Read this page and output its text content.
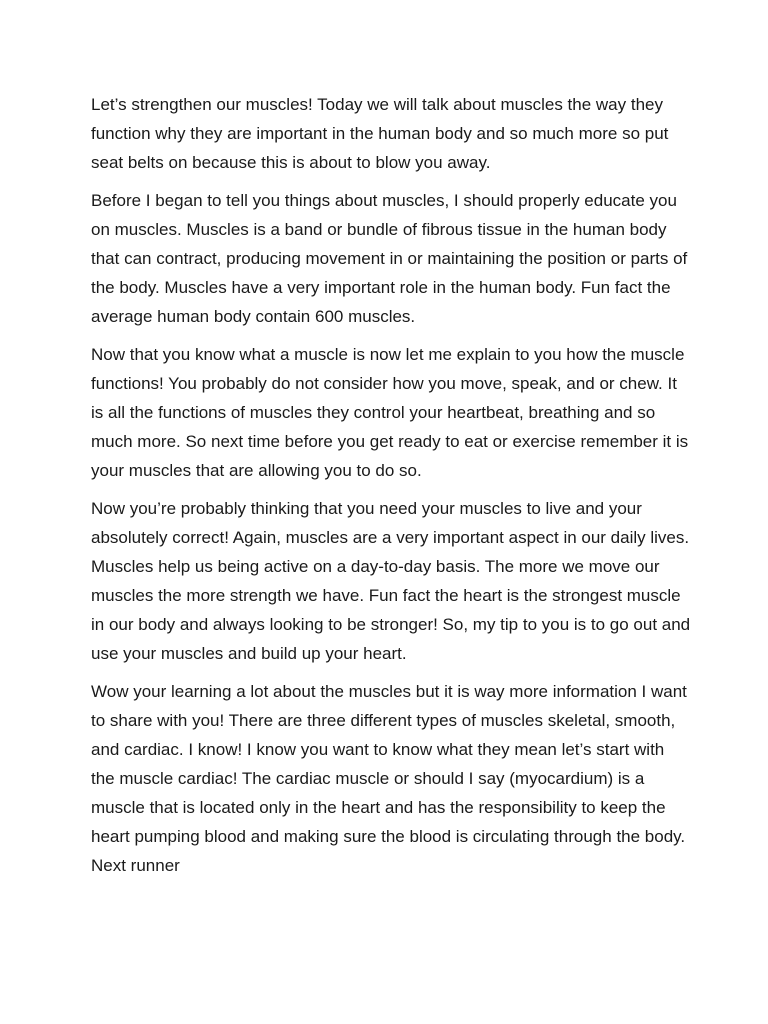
Let’s strengthen our muscles! Today we will talk about muscles the way they function why they are important in the human body and so much more so put seat belts on because this is about to blow you away.

Before I began to tell you things about muscles, I should properly educate you on muscles. Muscles is a band or bundle of fibrous tissue in the human body that can contract, producing movement in or maintaining the position or parts of the body. Muscles have a very important role in the human body. Fun fact the average human body contain 600 muscles.

Now that you know what a muscle is now let me explain to you how the muscle functions! You probably do not consider how you move, speak, and or chew. It is all the functions of muscles they control your heartbeat, breathing and so much more. So next time before you get ready to eat or exercise remember it is your muscles that are allowing you to do so.

Now you’re probably thinking that you need your muscles to live and your absolutely correct! Again, muscles are a very important aspect in our daily lives. Muscles help us being active on a day-to-day basis. The more we move our muscles the more strength we have. Fun fact the heart is the strongest muscle in our body and always looking to be stronger! So, my tip to you is to go out and use your muscles and build up your heart.

Wow your learning a lot about the muscles but it is way more information I want to share with you! There are three different types of muscles skeletal, smooth, and cardiac. I know! I know you want to know what they mean let’s start with the muscle cardiac! The cardiac muscle or should I say (myocardium) is a muscle that is located only in the heart and has the responsibility to keep the heart pumping blood and making sure the blood is circulating through the body. Next runner
